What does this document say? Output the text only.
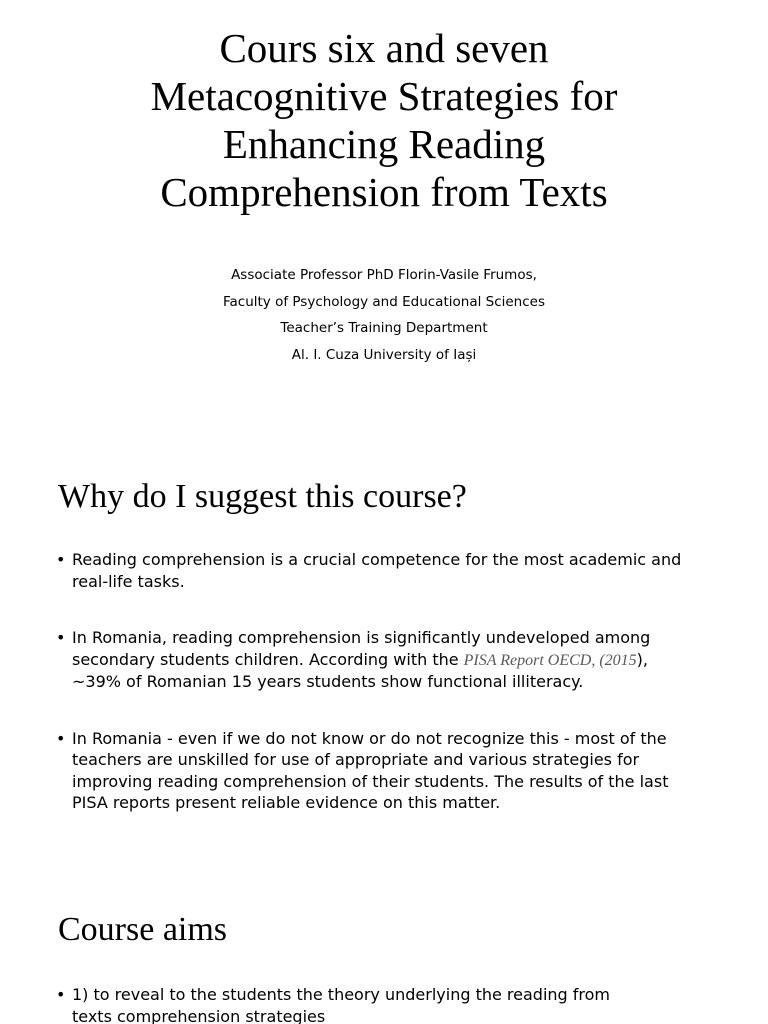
Cours six and seven
Metacognitive Strategies for
Enhancing Reading
Comprehension from Texts
Associate Professor PhD Florin-Vasile Frumos,
Faculty of Psychology and Educational Sciences
Teacher’s Training Department
Al. I. Cuza University of Iași
Why do I suggest this course?
• Reading comprehension is a crucial competence for the most academic and
real-life tasks.
• In Romania, reading comprehension is significantly undeveloped among
secondary students children. According with the PISA Report OECD, (2015),
~39% of Romanian 15 years students show functional illiteracy.
• In Romania - even if we do not know or do not recognize this - most of the
teachers are unskilled for use of appropriate and various strategies for
improving reading comprehension of their students. The results of the last
PISA reports present reliable evidence on this matter.
Course aims
• 1) to reveal to the students the theory underlying the reading from
texts comprehension strategies
